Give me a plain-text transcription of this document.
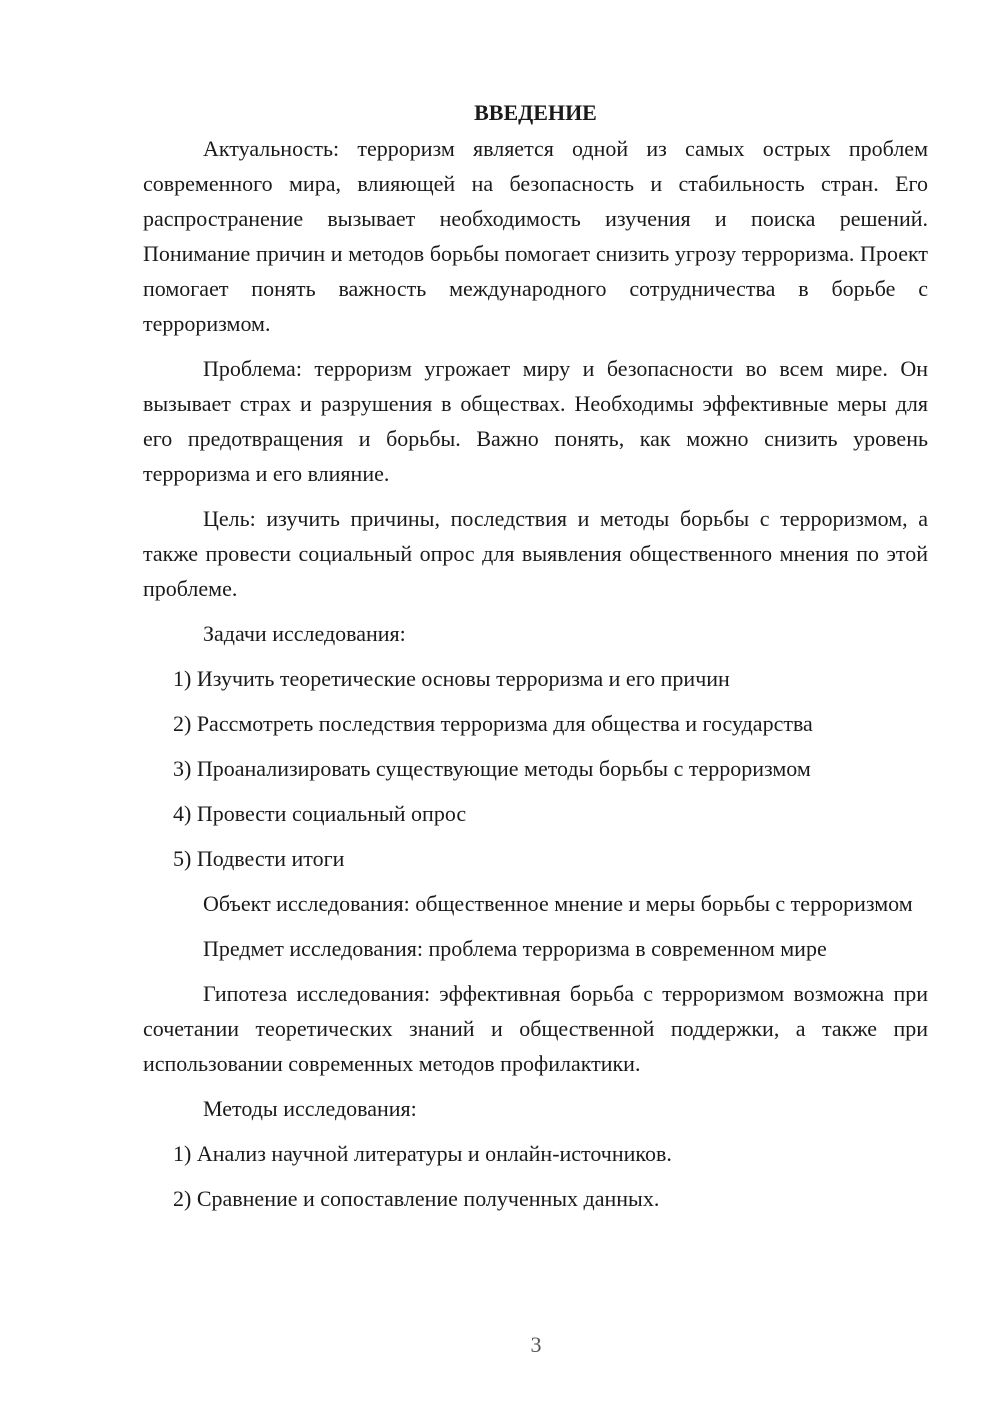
ВВЕДЕНИЕ

Актуальность: терроризм является одной из самых острых проблем современного мира, влияющей на безопасность и стабильность стран. Его распространение вызывает необходимость изучения и поиска решений. Понимание причин и методов борьбы помогает снизить угрозу терроризма. Проект помогает понять важность международного сотрудничества в борьбе с терроризмом.

Проблема: терроризм угрожает миру и безопасности во всем мире. Он вызывает страх и разрушения в обществах. Необходимы эффективные меры для его предотвращения и борьбы. Важно понять, как можно снизить уровень терроризма и его влияние.

Цель: изучить причины, последствия и методы борьбы с терроризмом, а также провести социальный опрос для выявления общественного мнения по этой проблеме.

Задачи исследования:

1) Изучить теоретические основы терроризма и его причин

2) Рассмотреть последствия терроризма для общества и государства

3) Проанализировать существующие методы борьбы с терроризмом

4) Провести социальный опрос

5) Подвести итоги

Объект исследования: общественное мнение и меры борьбы с терроризмом

Предмет исследования: проблема терроризма в современном мире

Гипотеза исследования: эффективная борьба с терроризмом возможна при сочетании теоретических знаний и общественной поддержки, а также при использовании современных методов профилактики.

Методы исследования:

1) Анализ научной литературы и онлайн-источников.

2) Сравнение и сопоставление полученных данных.

3
